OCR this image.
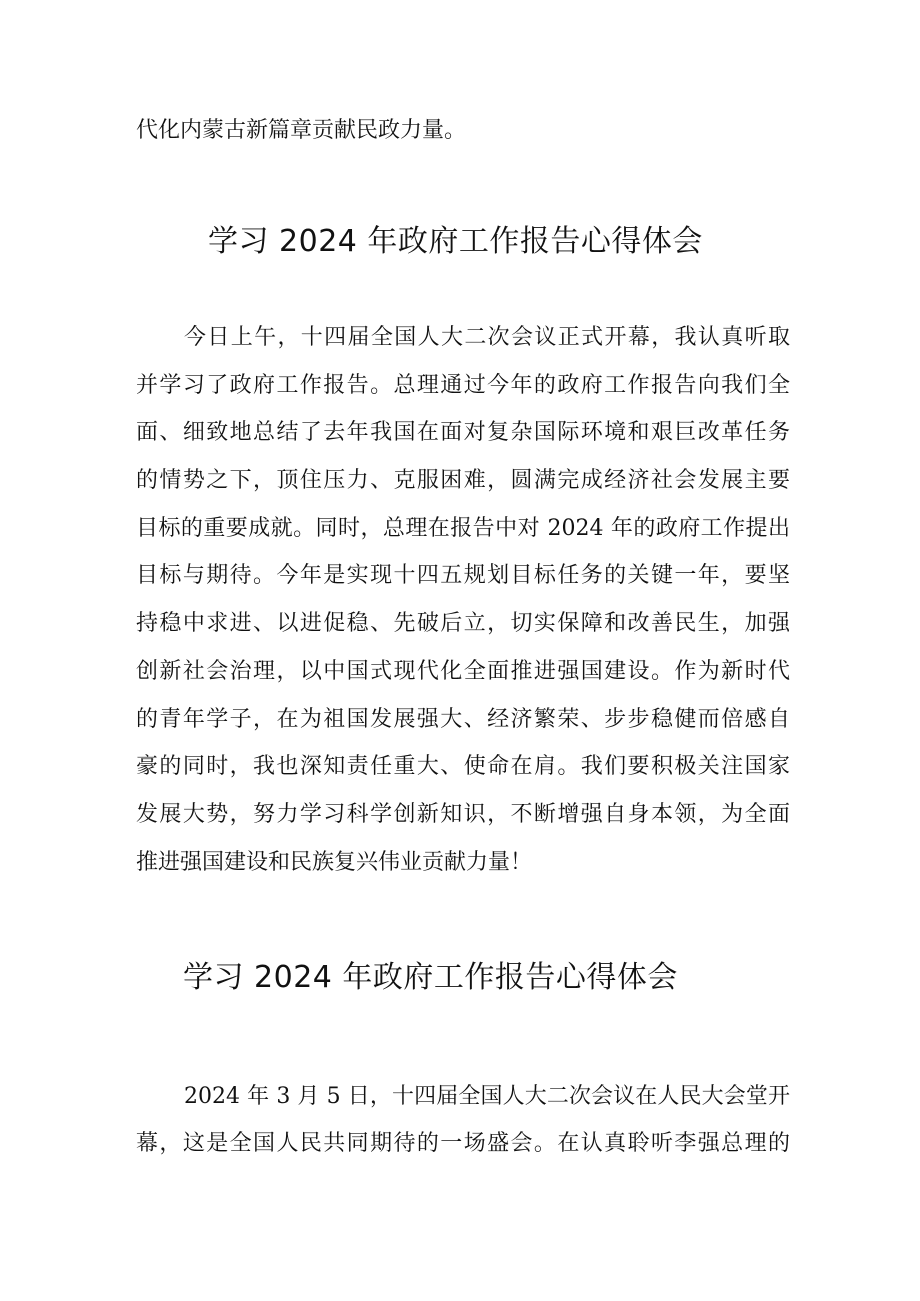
代化内蒙古新篇章贡献民政力量。
学习 2024 年政府工作报告心得体会
今日上午，十四届全国人大二次会议正式开幕，我认真听取
并学习了政府工作报告。总理通过今年的政府工作报告向我们全
面、细致地总结了去年我国在面对复杂国际环境和艰巨改革任务
的情势之下，顶住压力、克服困难，圆满完成经济社会发展主要
目标的重要成就。同时，总理在报告中对 2024 年的政府工作提出
目标与期待。今年是实现十四五规划目标任务的关键一年，要坚
持稳中求进、以进促稳、先破后立，切实保障和改善民生，加强
创新社会治理，以中国式现代化全面推进强国建设。作为新时代
的青年学子，在为祖国发展强大、经济繁荣、步步稳健而倍感自
豪的同时，我也深知责任重大、使命在肩。我们要积极关注国家
发展大势，努力学习科学创新知识，不断增强自身本领，为全面
推进强国建设和民族复兴伟业贡献力量！
学习 2024 年政府工作报告心得体会
2024 年 3 月 5 日，十四届全国人大二次会议在人民大会堂开
幕，这是全国人民共同期待的一场盛会。在认真聆听李强总理的
